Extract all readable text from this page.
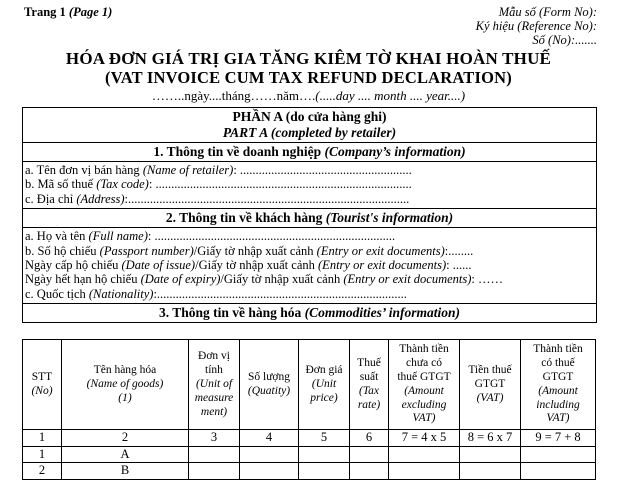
Trang 1 (Page 1)	Mẫu số (Form No):
Ký hiệu (Reference No):
Số (No):.......
HÓA ĐƠN GIÁ TRỊ GIA TĂNG KIÊM TỜ KHAI HOÀN THUẾ
(VAT INVOICE CUM TAX REFUND DECLARATION)
……..ngày....tháng……năm….(.....day .... month .... year....)
PHẦN A (do cửa hàng ghi)
PART A (completed by retailer)
1. Thông tin về doanh nghiệp (Company’s information)
a. Tên đơn vị bán hàng (Name of retailer): .......................................................
b. Mã số thuế (Tax code): ..................................................................................
c. Địa chỉ (Address):..........................................................................................
2. Thông tin về khách hàng (Tourist's information)
a. Họ và tên (Full name): .............................................................................
b. Số hộ chiếu (Passport number)/Giấy tờ nhập xuất cảnh (Entry or exit documents):........
Ngày cấp hộ chiếu (Date of issue)/Giấy tờ nhập xuất cảnh (Entry or exit documents): ......
Ngày hết hạn hộ chiếu (Date of expiry)/Giấy tờ nhập xuất cảnh (Entry or exit documents): ……
c. Quốc tịch (Nationality):................................................................................
3. Thông tin về hàng hóa (Commodities’ information)
STT
(No)

Tên hàng hóa
(Name of goods)
(1)

Đơn vị
tính
(Unit of
measure
ment)

Số lượng
(Quatity)

Đơn giá
(Unit
price)

Thuế
suất
(Tax
rate)

Thành tiền
chưa có
thuế GTGT
(Amount
excluding
VAT)

Tiền thuế
GTGT
(VAT)

Thành tiền
có thuế
GTGT
(Amount
including
VAT)

1	2	3	4	5	6	7 = 4 x 5	8 = 6 x 7	9 = 7 + 8
1	A							
2	B							
